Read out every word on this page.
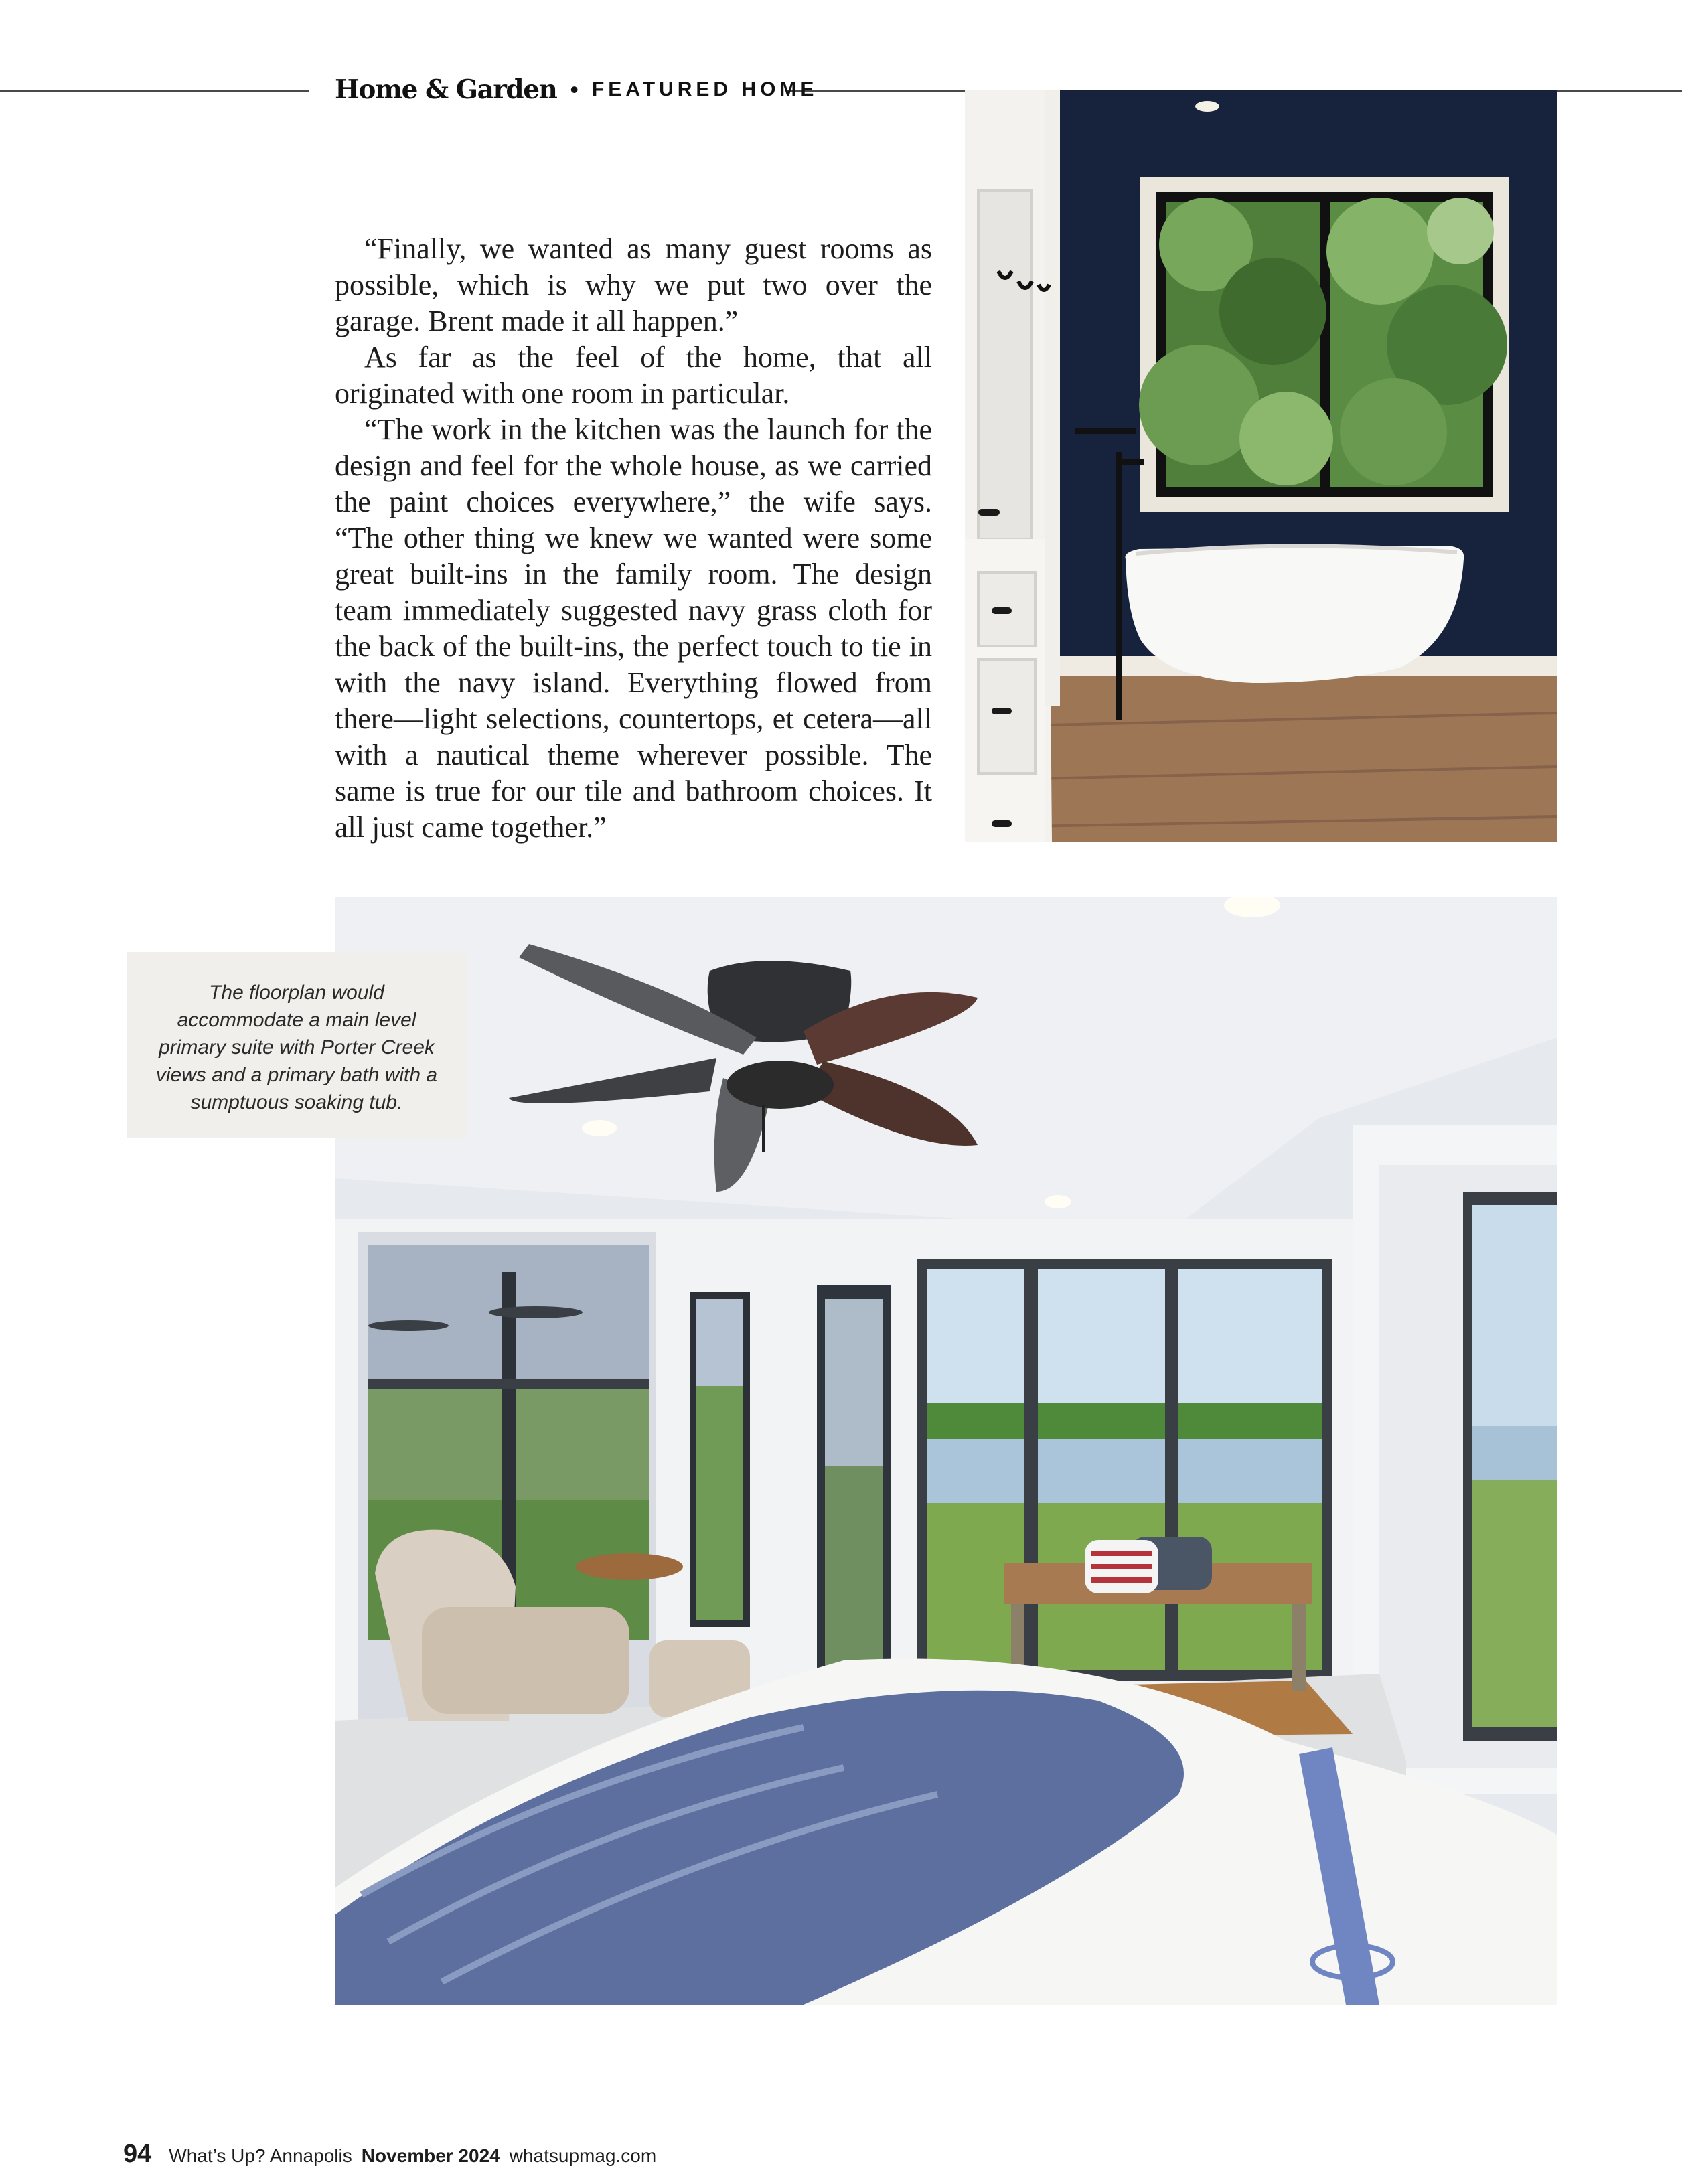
Home & Garden • FEATURED HOME

“Finally, we wanted as many guest rooms as possible, which is why we put two over the garage. Brent made it all happen.”

As far as the feel of the home, that all originated with one room in particular.

“The work in the kitchen was the launch for the design and feel for the whole house, as we carried the paint choices everywhere,” the wife says. “The other thing we knew we wanted were some great built-ins in the family room. The design team immediately suggested navy grass cloth for the back of the built-ins, the perfect touch to tie in with the navy island. Everything flowed from there—light selections, countertops, et cetera—all with a nautical theme wherever possible. The same is true for our tile and bathroom choices. It all just came together.”

The floorplan would accommodate a main level primary suite with Porter Creek views and a primary bath with a sumptuous soaking tub.
94 What’s Up? Annapolis November 2024 whatsupmag.com
